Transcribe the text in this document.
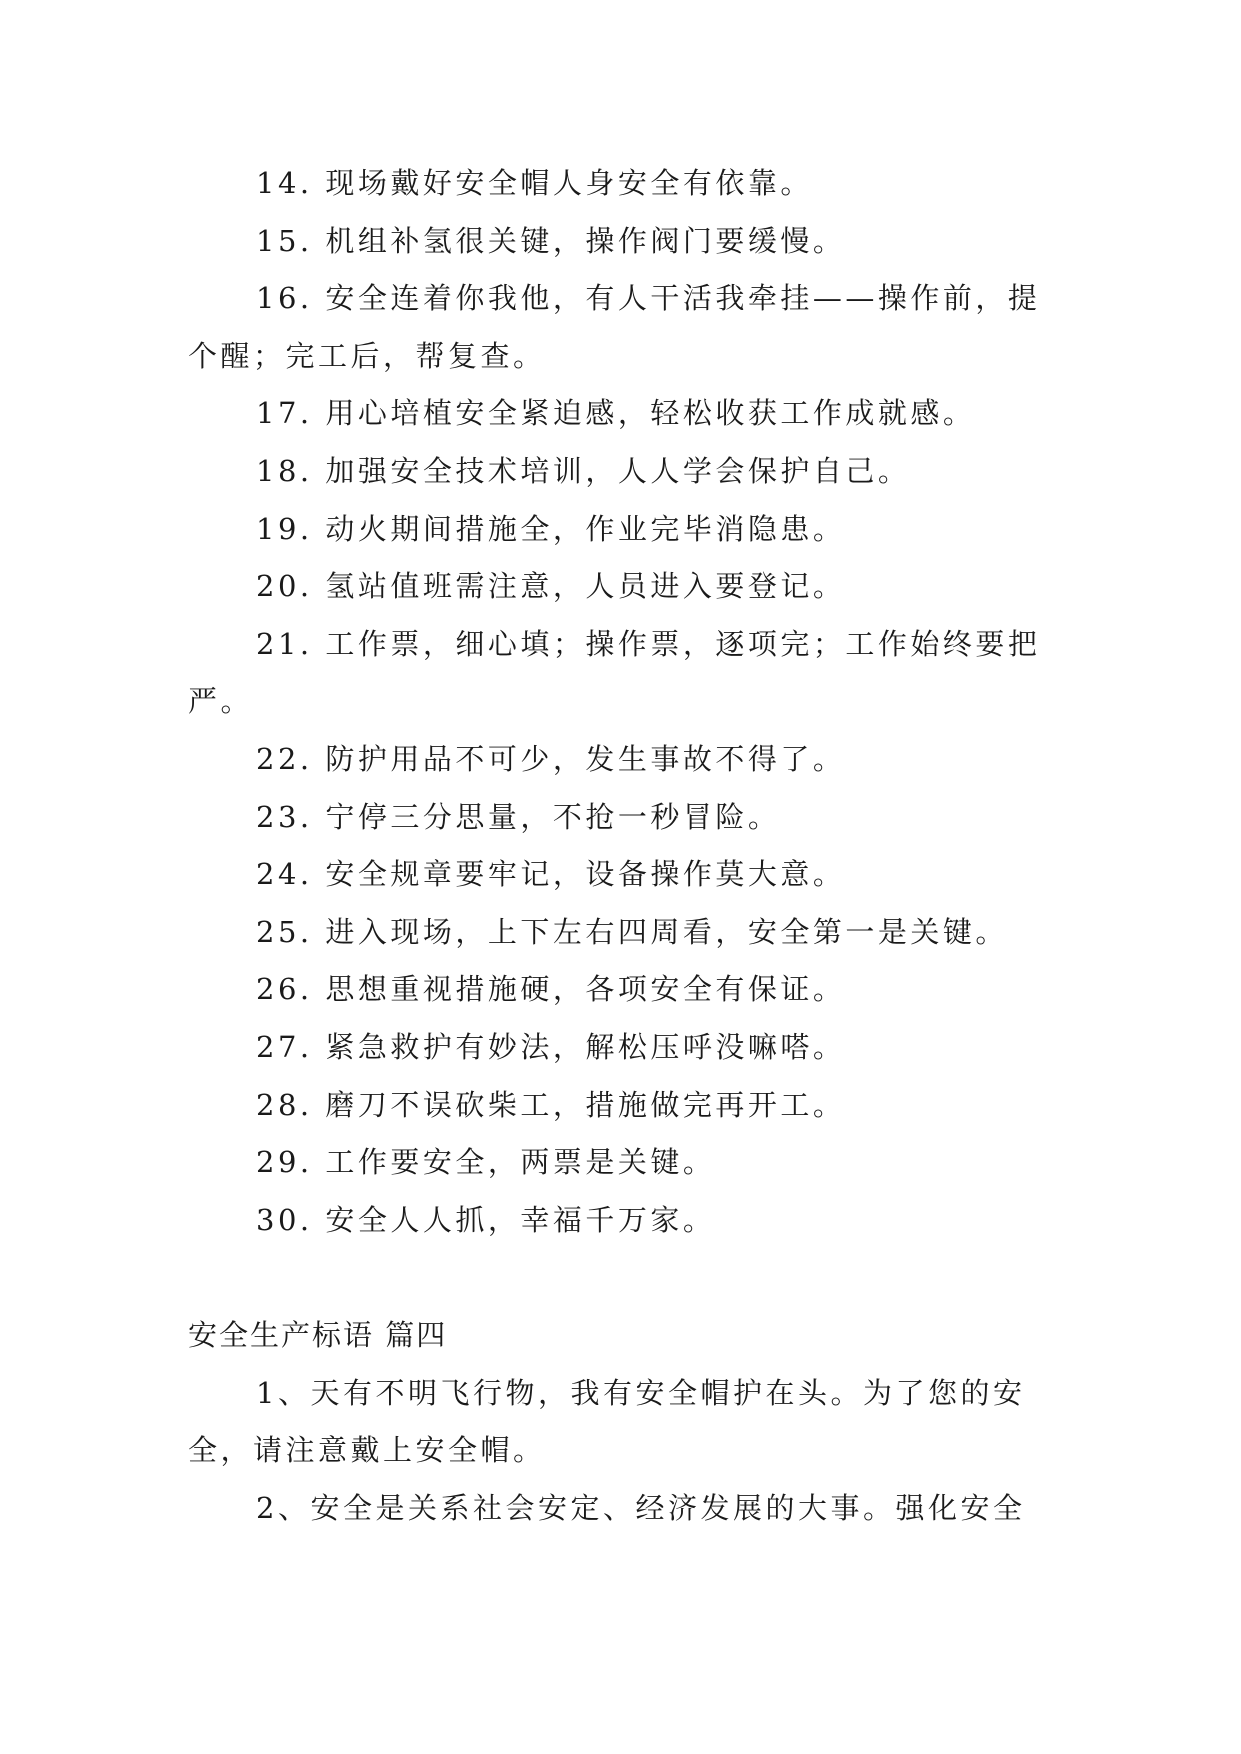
14. 现场戴好安全帽人身安全有依靠。
15. 机组补氢很关键，操作阀门要缓慢。
16. 安全连着你我他，有人干活我牵挂——操作前，提
个醒；完工后，帮复查。
17. 用心培植安全紧迫感，轻松收获工作成就感。
18. 加强安全技术培训，人人学会保护自己。
19. 动火期间措施全，作业完毕消隐患。
20. 氢站值班需注意，人员进入要登记。
21. 工作票，细心填；操作票，逐项完；工作始终要把
严。
22. 防护用品不可少，发生事故不得了。
23. 宁停三分思量，不抢一秒冒险。
24. 安全规章要牢记，设备操作莫大意。
25. 进入现场，上下左右四周看，安全第一是关键。
26. 思想重视措施硬，各项安全有保证。
27. 紧急救护有妙法，解松压呼没嘛嗒。
28. 磨刀不误砍柴工，措施做完再开工。
29. 工作要安全，两票是关键。
30. 安全人人抓，幸福千万家。
安全生产标语 篇四
1、天有不明飞行物，我有安全帽护在头。为了您的安
全，请注意戴上安全帽。
2、安全是关系社会安定、经济发展的大事。强化安全
